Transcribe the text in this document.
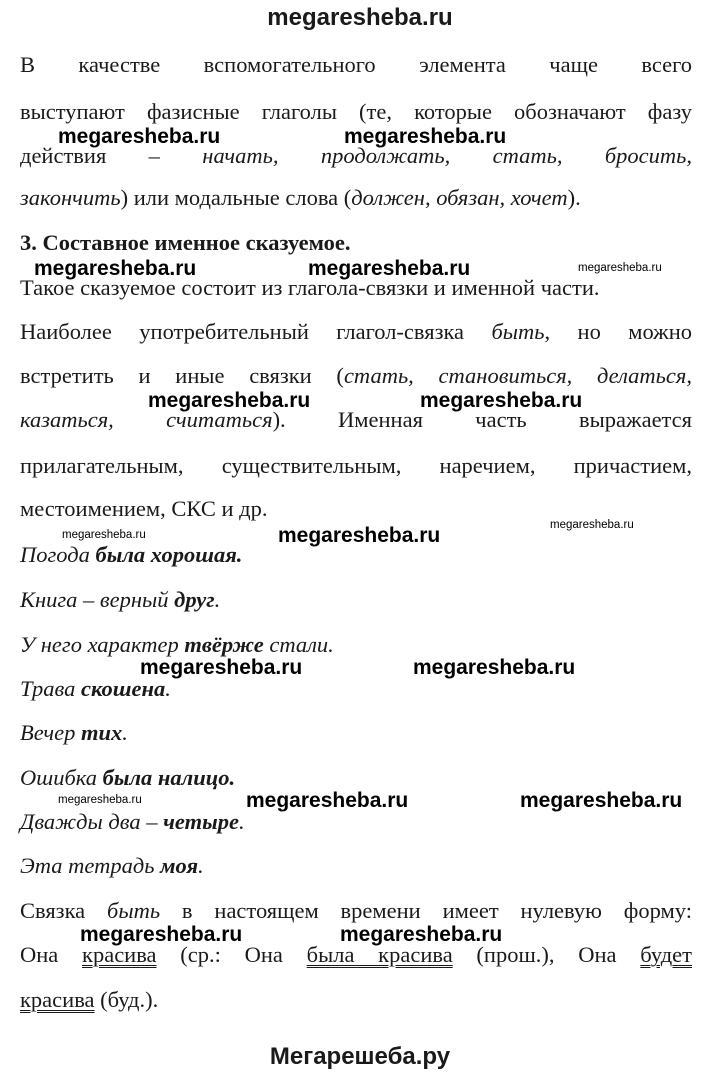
megaresheba.ru
В качестве вспомогательного элемента чаще всего
выступают фазисные глаголы (те, которые обозначают фазу
действия – начать, продолжать, стать, бросить,
закончить) или модальные слова (должен, обязан, хочет).
3. Составное именное сказуемое.
Такое сказуемое состоит из глагола-связки и именной части.
Наиболее употребительный глагол-связка быть, но можно
встретить и иные связки (стать, становиться, делаться,
казаться, считаться). Именная часть выражается
прилагательным, существительным, наречием, причастием,
местоимением, СКС и др.
Погода была хорошая.
Книга – верный друг.
У него характер твёрже стали.
Трава скошена.
Вечер тих.
Ошибка была налицо.
Дважды два – четыре.
Эта тетрадь моя.
Связка быть в настоящем времени имеет нулевую форму:
Она красива (ср.: Она была красива (прош.), Она будет
красива (буд.).
megaresheba.ru	megaresheba.ru
megaresheba.ru	megaresheba.ru	megaresheba.ru
megaresheba.ru	megaresheba.ru
megaresheba.ru	megaresheba.ru	megaresheba.ru
megaresheba.ru	megaresheba.ru
megaresheba.ru	megaresheba.ru	megaresheba.ru
megaresheba.ru	megaresheba.ru
Мегарешеба.ру
